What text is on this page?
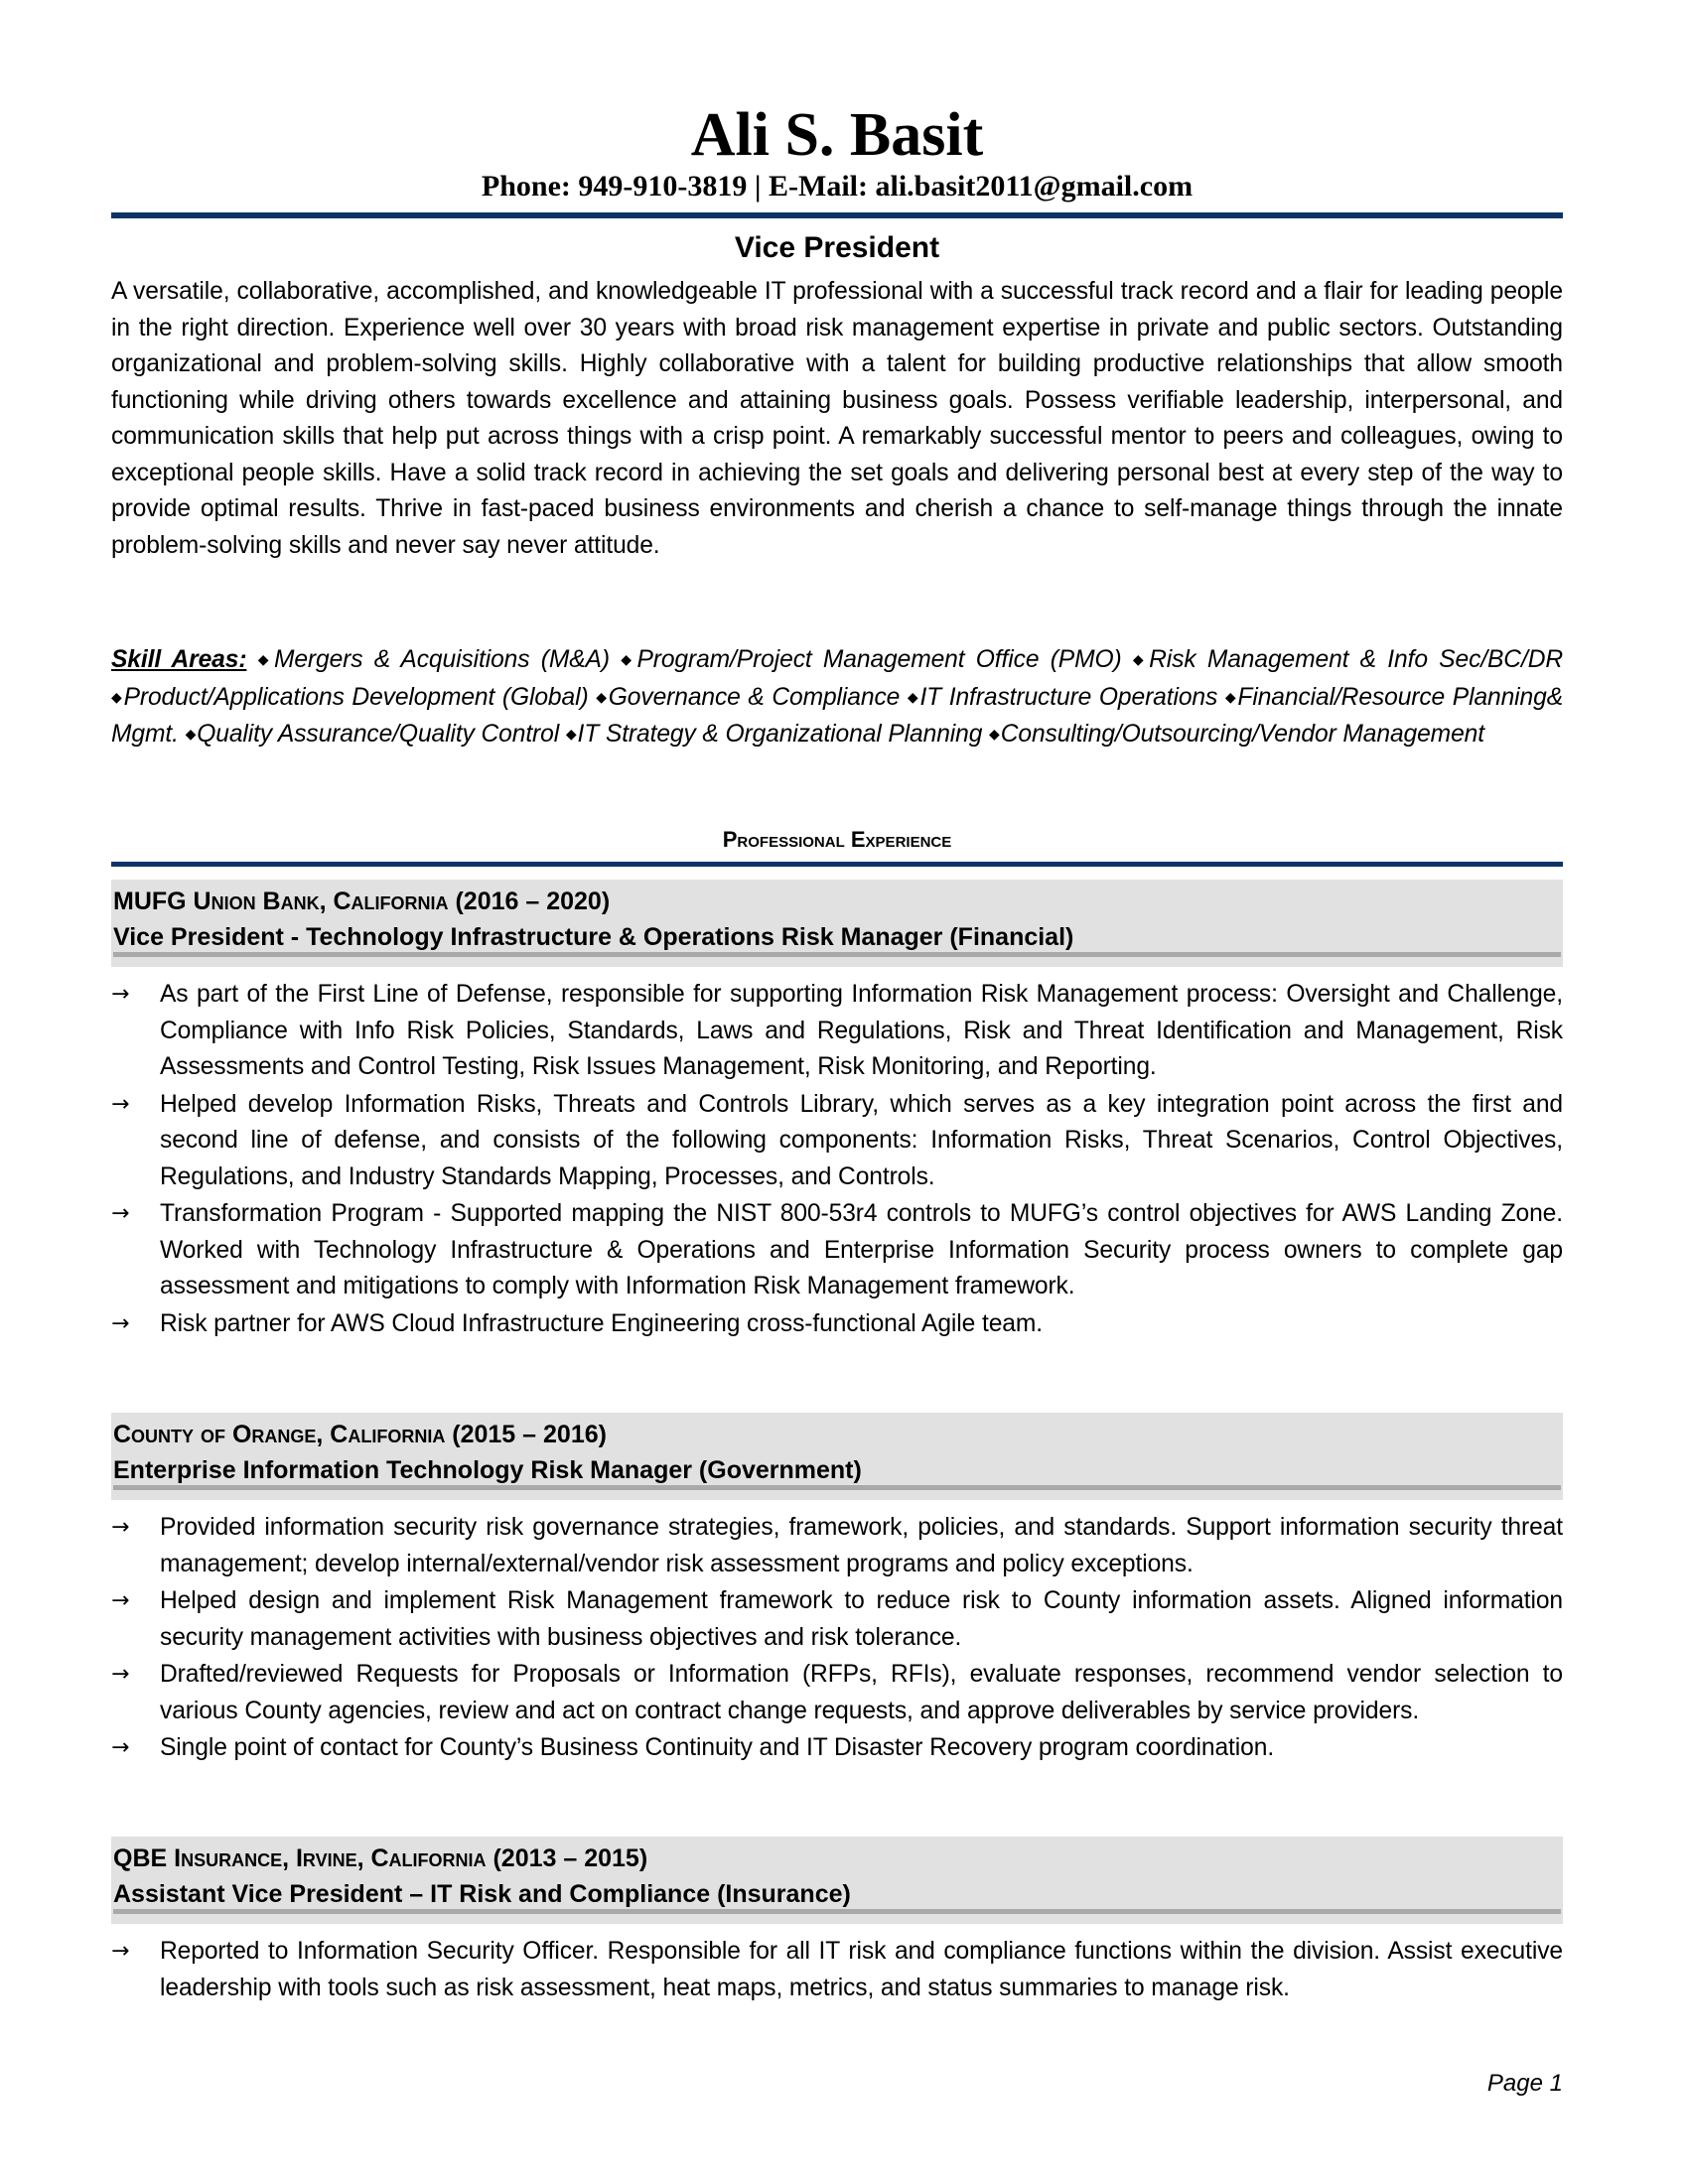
Ali S. Basit
Phone: 949-910-3819 | E-Mail: ali.basit2011@gmail.com
Vice President
A versatile, collaborative, accomplished, and knowledgeable IT professional with a successful track record and a flair for leading people in the right direction. Experience well over 30 years with broad risk management expertise in private and public sectors. Outstanding organizational and problem-solving skills. Highly collaborative with a talent for building productive relationships that allow smooth functioning while driving others towards excellence and attaining business goals. Possess verifiable leadership, interpersonal, and communication skills that help put across things with a crisp point. A remarkably successful mentor to peers and colleagues, owing to exceptional people skills. Have a solid track record in achieving the set goals and delivering personal best at every step of the way to provide optimal results. Thrive in fast-paced business environments and cherish a chance to self-manage things through the innate problem-solving skills and never say never attitude.
Skill Areas: ◆Mergers & Acquisitions (M&A) ◆Program/Project Management Office (PMO) ◆Risk Management & Info Sec/BC/DR ◆Product/Applications Development (Global) ◆Governance & Compliance ◆IT Infrastructure Operations ◆Financial/Resource Planning& Mgmt. ◆Quality Assurance/Quality Control ◆IT Strategy & Organizational Planning ◆Consulting/Outsourcing/Vendor Management
Professional Experience
MUFG Union Bank, California (2016 – 2020)
Vice President - Technology Infrastructure & Operations Risk Manager (Financial)
→	As part of the First Line of Defense, responsible for supporting Information Risk Management process: Oversight and Challenge, Compliance with Info Risk Policies, Standards, Laws and Regulations, Risk and Threat Identification and Management, Risk Assessments and Control Testing, Risk Issues Management, Risk Monitoring, and Reporting.
→	Helped develop Information Risks, Threats and Controls Library, which serves as a key integration point across the first and second line of defense, and consists of the following components: Information Risks, Threat Scenarios, Control Objectives, Regulations, and Industry Standards Mapping, Processes, and Controls.
→	Transformation Program - Supported mapping the NIST 800-53r4 controls to MUFG’s control objectives for AWS Landing Zone. Worked with Technology Infrastructure & Operations and Enterprise Information Security process owners to complete gap assessment and mitigations to comply with Information Risk Management framework.
→	Risk partner for AWS Cloud Infrastructure Engineering cross-functional Agile team.
County of Orange, California (2015 – 2016)
Enterprise Information Technology Risk Manager (Government)
→	Provided information security risk governance strategies, framework, policies, and standards. Support information security threat management; develop internal/external/vendor risk assessment programs and policy exceptions.
→	Helped design and implement Risk Management framework to reduce risk to County information assets. Aligned information security management activities with business objectives and risk tolerance.
→	Drafted/reviewed Requests for Proposals or Information (RFPs, RFIs), evaluate responses, recommend vendor selection to various County agencies, review and act on contract change requests, and approve deliverables by service providers.
→	Single point of contact for County’s Business Continuity and IT Disaster Recovery program coordination.
QBE Insurance, Irvine, California (2013 – 2015)
Assistant Vice President – IT Risk and Compliance (Insurance)
→	Reported to Information Security Officer. Responsible for all IT risk and compliance functions within the division. Assist executive leadership with tools such as risk assessment, heat maps, metrics, and status summaries to manage risk.
Page 1
